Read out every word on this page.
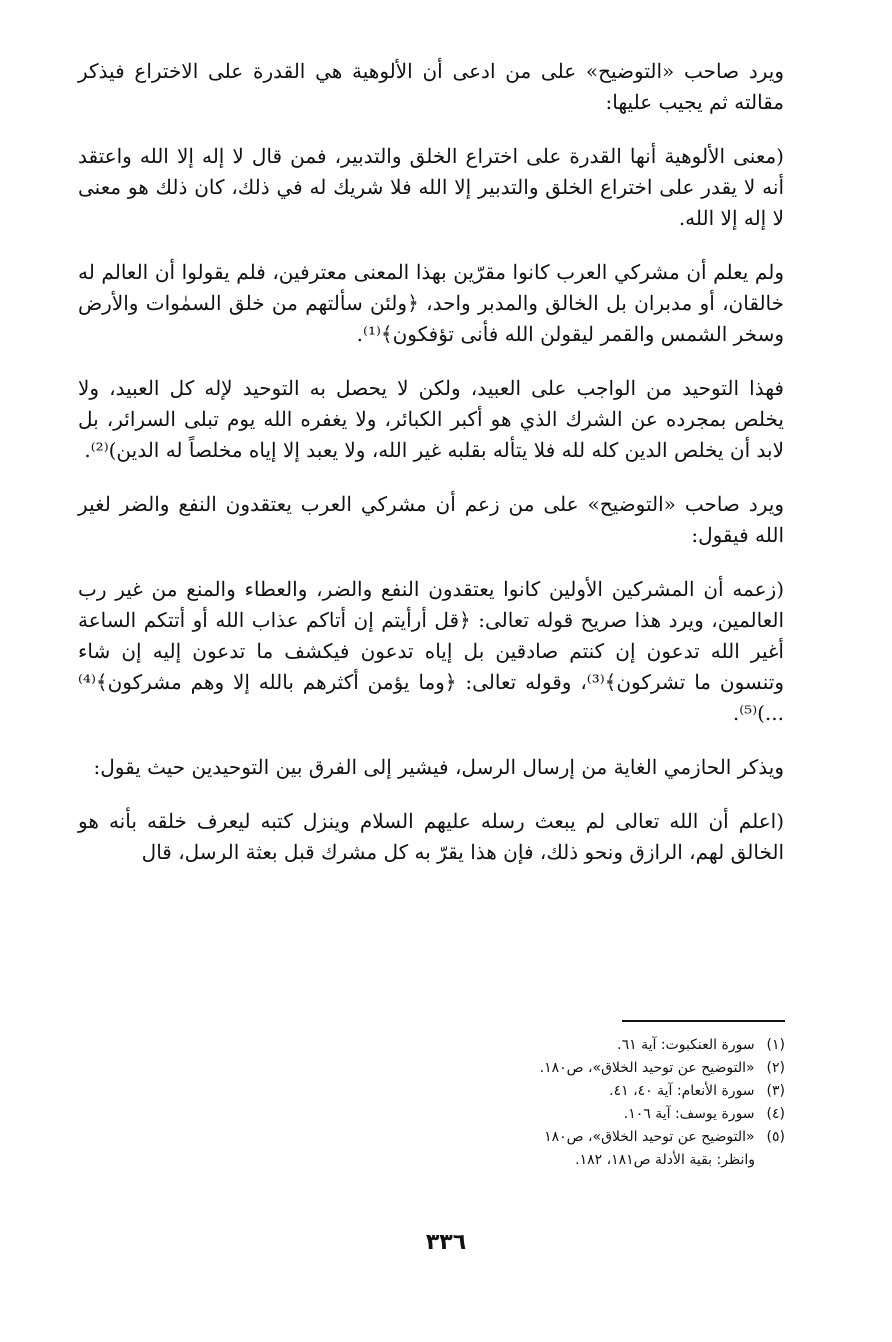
ويرد صاحب «التوضيح» على من ادعى أن الألوهية هي القدرة على الاختراع فيذكر مقالته ثم يجيب عليها:

(معنى الألوهية أنها القدرة على اختراع الخلق والتدبير، فمن قال لا إله إلا الله واعتقد أنه لا يقدر على اختراع الخلق والتدبير إلا الله فلا شريك له في ذلك، كان ذلك هو معنى لا إله إلا الله.

ولم يعلم أن مشركي العرب كانوا مقرّين بهذا المعنى معترفين، فلم يقولوا أن العالم له خالقان، أو مدبران بل الخالق والمدبر واحد، ﴿ولئن سألتهم من خلق السمٰوات والأرض وسخر الشمس والقمر ليقولن الله فأنى تؤفكون﴾⁽¹⁾.

فهذا التوحيد من الواجب على العبيد، ولكن لا يحصل به التوحيد لإله كل العبيد، ولا يخلص بمجرده عن الشرك الذي هو أكبر الكبائر، ولا يغفره الله يوم تبلى السرائر، بل لابد أن يخلص الدين كله لله فلا يتأله بقلبه غير الله، ولا يعبد إلا إياه مخلصاً له الدين)⁽²⁾.

ويرد صاحب «التوضيح» على من زعم أن مشركي العرب يعتقدون النفع والضر لغير الله فيقول:

(زعمه أن المشركين الأولين كانوا يعتقدون النفع والضر، والعطاء والمنع من غير رب العالمين، ويرد هذا صريح قوله تعالى: ﴿قل أرأيتم إن أتاكم عذاب الله أو أتتكم الساعة أغير الله تدعون إن كنتم صادقين بل إياه تدعون فيكشف ما تدعون إليه إن شاء وتنسون ما تشركون﴾⁽³⁾، وقوله تعالى: ﴿وما يؤمن أكثرهم بالله إلا وهم مشركون﴾⁽⁴⁾ ...)⁽⁵⁾.

ويذكر الحازمي الغاية من إرسال الرسل، فيشير إلى الفرق بين التوحيدين حيث يقول:

(اعلم أن الله تعالى لم يبعث رسله عليهم السلام وينزل كتبه ليعرف خلقه بأنه هو الخالق لهم، الرازق ونحو ذلك، فإن هذا يقرّ به كل مشرك قبل بعثة الرسل، قال

(١) سورة العنكبوت: آية ٦١.
(٢) «التوضيح عن توحيد الخلاق»، ص١٨٠.
(٣) سورة الأنعام: آية ٤٠، ٤١.
(٤) سورة يوسف: آية ١٠٦.
(٥) «التوضيح عن توحيد الخلاق»، ص١٨٠
وانظر: بقية الأدلة ص١٨١، ١٨٢.
٣٣٦
